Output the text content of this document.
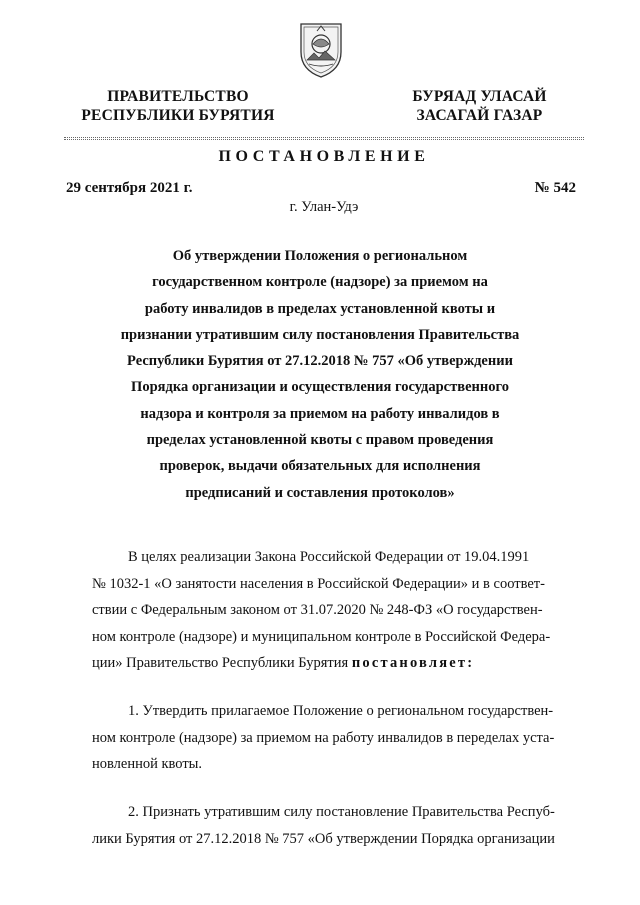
ПРАВИТЕЛЬСТВО
РЕСПУБЛИКИ БУРЯТИЯ
БУРЯАД УЛАСАЙ
ЗАСАГАЙ ГАЗАР
ПОСТАНОВЛЕНИЕ
29 сентября 2021 г.	№ 542
г. Улан-Удэ
Об утверждении Положения о региональном
государственном контроле (надзоре) за приемом на
работу инвалидов в пределах установленной квоты и
признании утратившим силу постановления Правительства
Республики Бурятия от 27.12.2018 № 757 «Об утверждении
Порядка организации и осуществления государственного
надзора и контроля за приемом на работу инвалидов в
пределах установленной квоты с правом проведения
проверок, выдачи обязательных для исполнения
предписаний и составления протоколов»
В целях реализации Закона Российской Федерации от 19.04.1991
№ 1032-1 «О занятости населения в Российской Федерации» и в соответ-
ствии с Федеральным законом от 31.07.2020 № 248-ФЗ «О государствен-
ном контроле (надзоре) и муниципальном контроле в Российской Федера-
ции» Правительство Республики Бурятия постановляет:
1. Утвердить прилагаемое Положение о региональном государствен-
ном контроле (надзоре) за приемом на работу инвалидов в переделах уста-
новленной квоты.
2. Признать утратившим силу постановление Правительства Респуб-
лики Бурятия от 27.12.2018 № 757 «Об утверждении Порядка организации
